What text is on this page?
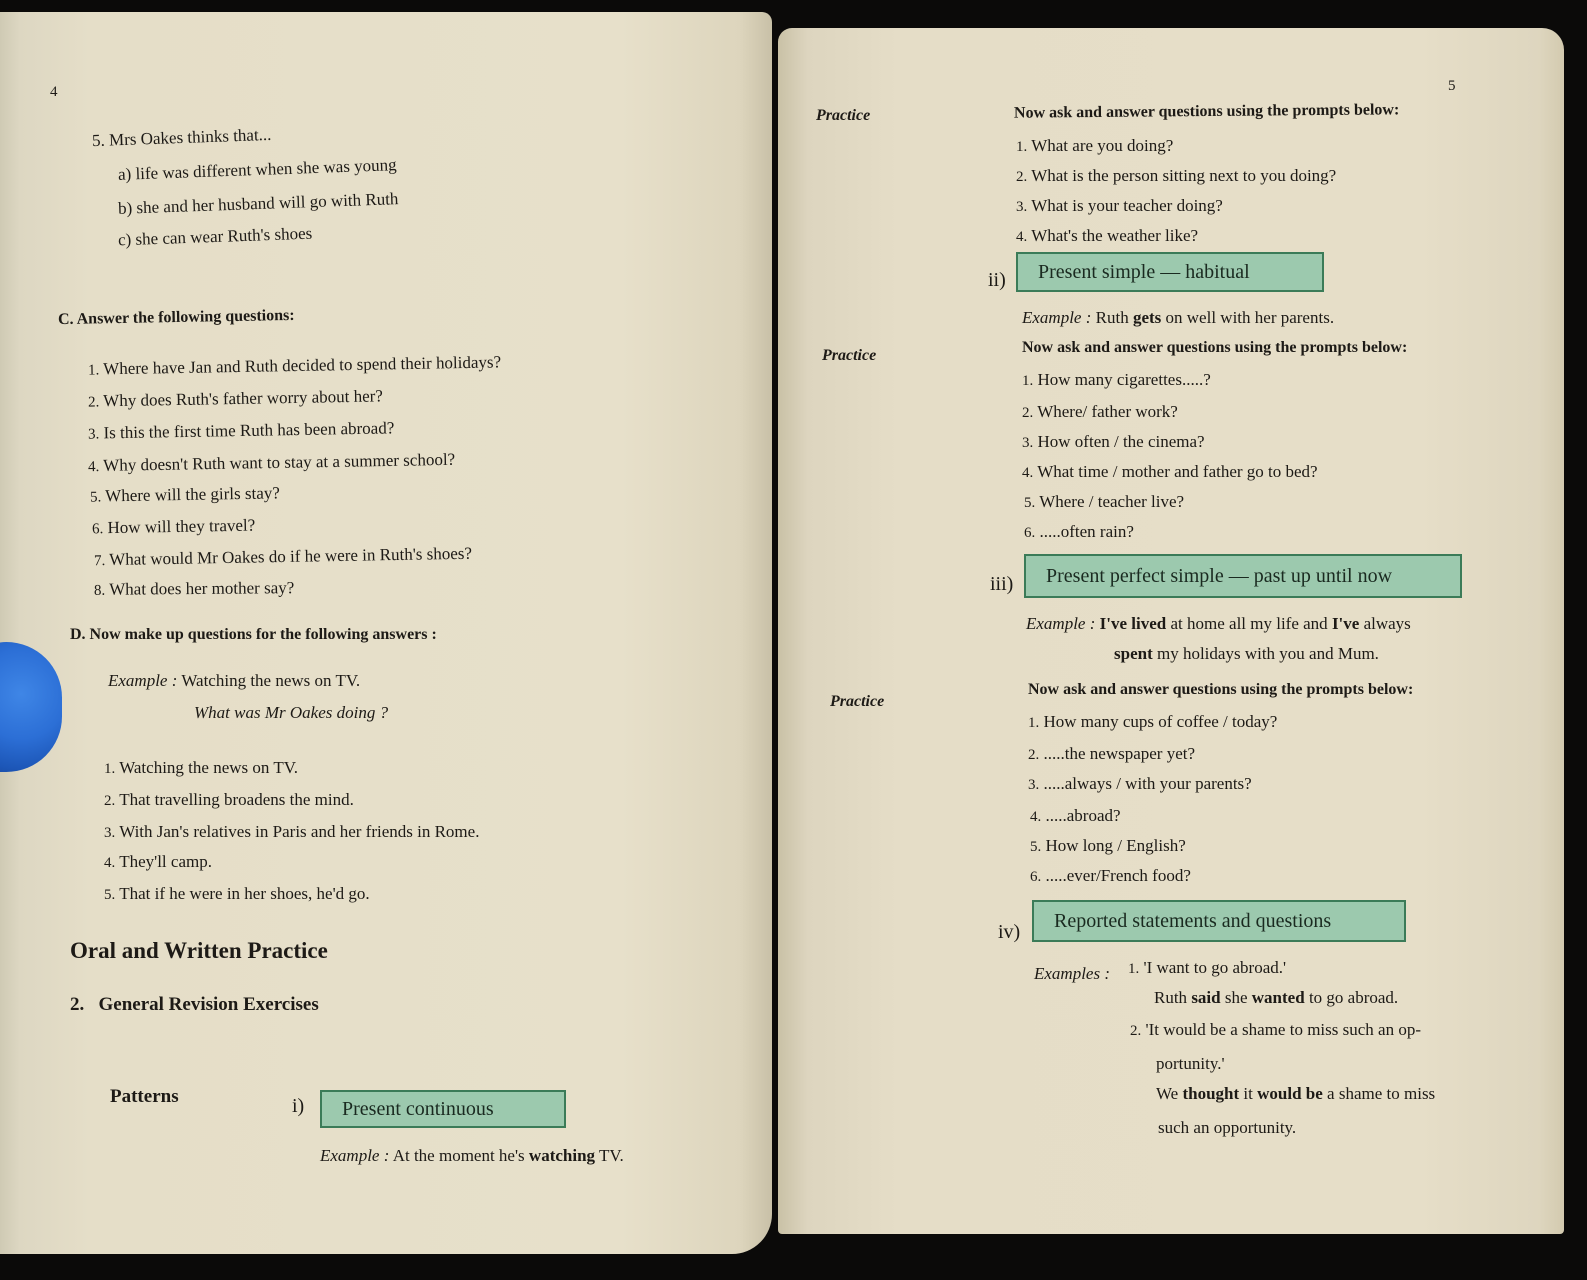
4
5. Mrs Oakes thinks that...
a) life was different when she was young
b) she and her husband will go with Ruth
c) she can wear Ruth's shoes
C. Answer the following questions:
1. Where have Jan and Ruth decided to spend their holidays?
2. Why does Ruth's father worry about her?
3. Is this the first time Ruth has been abroad?
4. Why doesn't Ruth want to stay at a summer school?
5. Where will the girls stay?
6. How will they travel?
7. What would Mr Oakes do if he were in Ruth's shoes?
8. What does her mother say?
D. Now make up questions for the following answers :
Example : Watching the news on TV.
What was Mr Oakes doing ?
1. Watching the news on TV.
2. That travelling broadens the mind.
3. With Jan's relatives in Paris and her friends in Rome.
4. They'll camp.
5. That if he were in her shoes, he'd go.
Oral and Written Practice
2.   General Revision Exercises
Patterns	i)	Present continuous
Example : At the moment he's watching TV.
5
Practice	Now ask and answer questions using the prompts below:
1. What are you doing?
2. What is the person sitting next to you doing?
3. What is your teacher doing?
4. What's the weather like?
ii)	Present simple — habitual
Example : Ruth gets on well with her parents.
Practice	Now ask and answer questions using the prompts below:
1. How many cigarettes.....?
2. Where/ father work?
3. How often / the cinema?
4. What time / mother and father go to bed?
5. Where / teacher live?
6. .....often rain?
iii)	Present perfect simple — past up until now
Example : I've lived at home all my life and I've always
spent my holidays with you and Mum.
Practice
Now ask and answer questions using the prompts below:
1. How many cups of coffee / today?
2. .....the newspaper yet?
3. .....always / with your parents?
4. .....abroad?
5. How long / English?
6. .....ever/French food?
iv)	Reported statements and questions
Examples : 1. 'I want to go abroad.'
Ruth said she wanted to go abroad.
2. 'It would be a shame to miss such an op-
portunity.'
We thought it would be a shame to miss
such an opportunity.
